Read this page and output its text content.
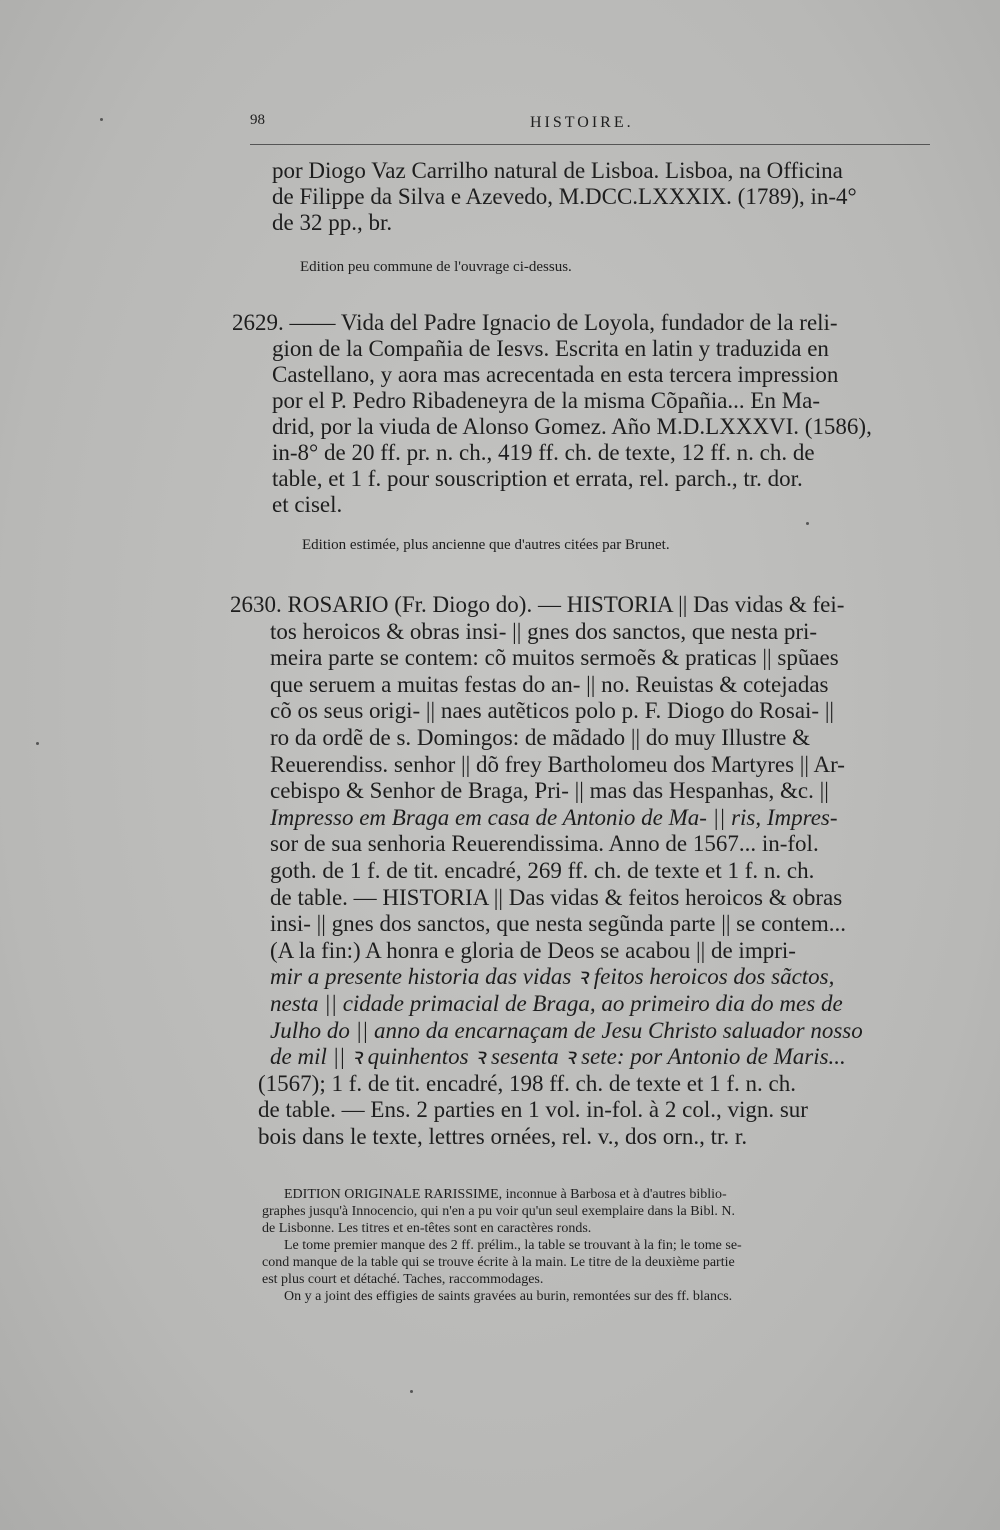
98	HISTOIRE.
por Diogo Vaz Carrilho natural de Lisboa. Lisboa, na Officina
de Filippe da Silva e Azevedo, M.DCC.LXXXIX. (1789), in-4°
de 32 pp., br.
Edition peu commune de l'ouvrage ci-dessus.
2629. —— Vida del Padre Ignacio de Loyola, fundador de la reli-
gion de la Compañia de Iesvs. Escrita en latin y traduzida en
Castellano, y aora mas acrecentada en esta tercera impression
por el P. Pedro Ribadeneyra de la misma Cõpañia... En Ma-
drid, por la viuda de Alonso Gomez. Año M.D.LXXXVI. (1586),
in-8° de 20 ff. pr. n. ch., 419 ff. ch. de texte, 12 ff. n. ch. de
table, et 1 f. pour souscription et errata, rel. parch., tr. dor.
et cisel.
Edition estimée, plus ancienne que d'autres citées par Brunet.
2630. ROSARIO (Fr. Diogo do). — HISTORIA || Das vidas & fei-
tos heroicos & obras insi- || gnes dos sanctos, que nesta pri-
meira parte se contem: cõ muitos sermoẽs & praticas || spũaes
que seruem a muitas festas do an- || no. Reuistas & cotejadas
cõ os seus origi- || naes autẽticos polo p. F. Diogo do Rosai- ||
ro da ordẽ de s. Domingos: de mãdado || do muy Illustre &
Reuerendiss. senhor || dõ frey Bartholomeu dos Martyres || Ar-
cebispo & Senhor de Braga, Pri- || mas das Hespanhas, &c. ||
Impresso em Braga em casa de Antonio de Ma- || ris, Impres-
sor de sua senhoria Reuerendissima. Anno de 1567... in-fol.
goth. de 1 f. de tit. encadré, 269 ff. ch. de texte et 1 f. n. ch.
de table. — HISTORIA || Das vidas & feitos heroicos & obras
insi- || gnes dos sanctos, que nesta segũnda parte || se contem...
(A la fin:) A honra e gloria de Deos se acabou || de impri-
mir a presente historia das vidas ꝛ feitos heroicos dos sãctos,
nesta || cidade primacial de Braga, ao primeiro dia do mes de
Julho do || anno da encarnaçam de Jesu Christo saluador nosso
de mil || ꝛ quinhentos ꝛ sesenta ꝛ sete: por Antonio de Maris...
(1567); 1 f. de tit. encadré, 198 ff. ch. de texte et 1 f. n. ch.
de table. — Ens. 2 parties en 1 vol. in-fol. à 2 col., vign. sur
bois dans le texte, lettres ornées, rel. v., dos orn., tr. r.
EDITION ORIGINALE RARISSIME, inconnue à Barbosa et à d'autres biblio-
graphes jusqu'à Innocencio, qui n'en a pu voir qu'un seul exemplaire dans la Bibl. N.
de Lisbonne. Les titres et en-têtes sont en caractères ronds.
Le tome premier manque des 2 ff. prélim., la table se trouvant à la fin; le tome se-
cond manque de la table qui se trouve écrite à la main. Le titre de la deuxième partie
est plus court et détaché. Taches, raccommodages.
On y a joint des effigies de saints gravées au burin, remontées sur des ff. blancs.
